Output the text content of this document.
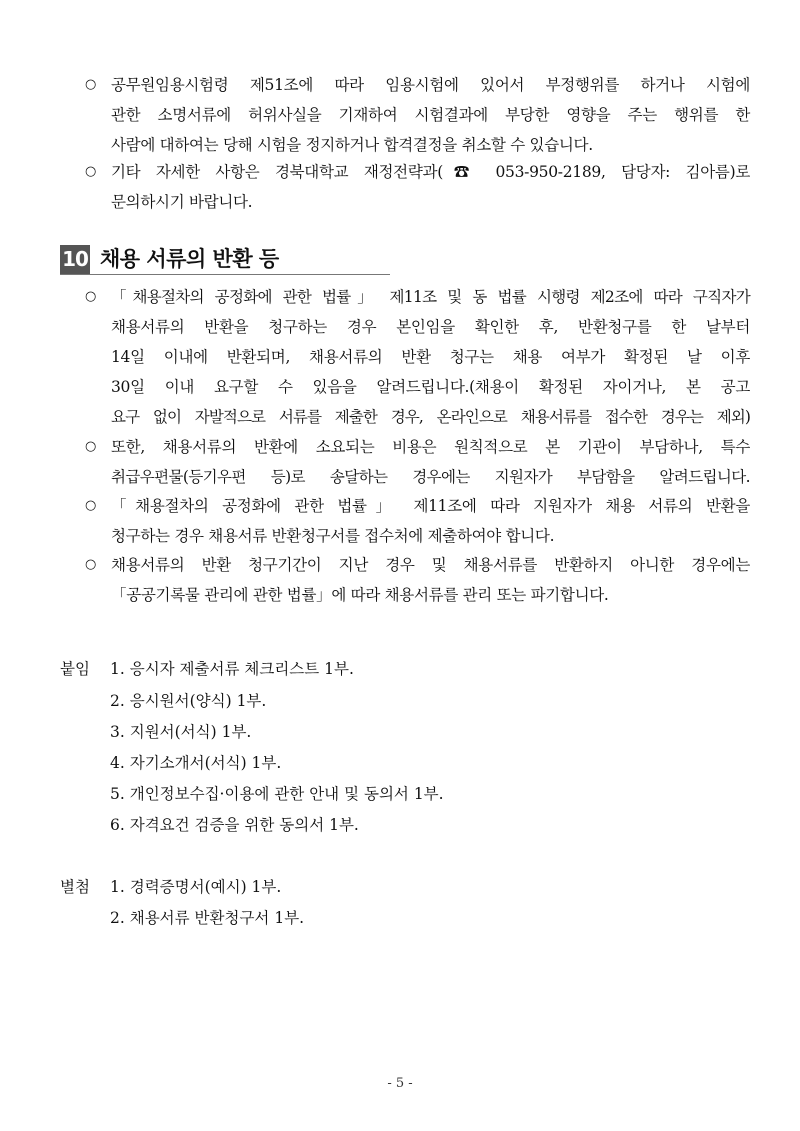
○ 공무원임용시험령 제51조에 따라 임용시험에 있어서 부정행위를 하거나 시험에
관한 소명서류에 허위사실을 기재하여 시험결과에 부당한 영향을 주는 행위를 한
사람에 대하여는 당해 시험을 정지하거나 합격결정을 취소할 수 있습니다.
○ 기타 자세한 사항은 경북대학교 재정전략과(☎ 053-950-2189, 담당자: 김아름)로
문의하시기 바랍니다.
10 채용 서류의 반환 등
○ 「채용절차의 공정화에 관한 법률」 제11조 및 동 법률 시행령 제2조에 따라 구직자가
채용서류의 반환을 청구하는 경우 본인임을 확인한 후, 반환청구를 한 날부터
14일 이내에 반환되며, 채용서류의 반환 청구는 채용 여부가 확정된 날 이후
30일 이내 요구할 수 있음을 알려드립니다.(채용이 확정된 자이거나, 본 공고
요구 없이 자발적으로 서류를 제출한 경우, 온라인으로 채용서류를 접수한 경우는 제외)
○ 또한, 채용서류의 반환에 소요되는 비용은 원칙적으로 본 기관이 부담하나, 특수
취급우편물(등기우편 등)로 송달하는 경우에는 지원자가 부담함을 알려드립니다.
○ 「채용절차의 공정화에 관한 법률」 제11조에 따라 지원자가 채용 서류의 반환을
청구하는 경우 채용서류 반환청구서를 접수처에 제출하여야 합니다.
○ 채용서류의 반환 청구기간이 지난 경우 및 채용서류를 반환하지 아니한 경우에는
「공공기록물 관리에 관한 법률」에 따라 채용서류를 관리 또는 파기합니다.
붙임 1. 응시자 제출서류 체크리스트 1부.
2. 응시원서(양식) 1부.
3. 지원서(서식) 1부.
4. 자기소개서(서식) 1부.
5. 개인정보수집·이용에 관한 안내 및 동의서 1부.
6. 자격요건 검증을 위한 동의서 1부.
별첨 1. 경력증명서(예시) 1부.
2. 채용서류 반환청구서 1부.
- 5 -
